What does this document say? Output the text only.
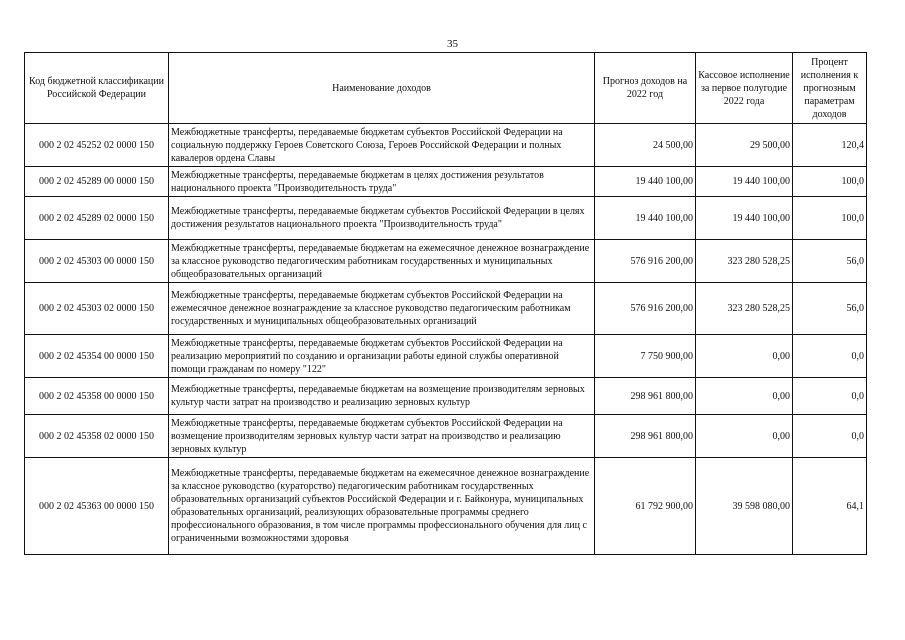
35
Код бюджетной классификации Российской Федерации	Наименование доходов	Прогноз доходов на 2022 год	Кассовое исполнение за первое полугодие 2022 года	Процент исполнения к прогнозным параметрам доходов
000 2 02 45252 02 0000 150	Межбюджетные трансферты, передаваемые бюджетам субъектов Российской Федерации на социальную поддержку Героев Советского Союза, Героев Российской Федерации и полных кавалеров ордена Славы	24 500,00	29 500,00	120,4
000 2 02 45289 00 0000 150	Межбюджетные трансферты, передаваемые бюджетам в целях достижения результатов национального проекта "Производительность труда"	19 440 100,00	19 440 100,00	100,0
000 2 02 45289 02 0000 150	Межбюджетные трансферты, передаваемые бюджетам субъектов Российской Федерации в целях достижения результатов национального проекта "Производительность труда"	19 440 100,00	19 440 100,00	100,0
000 2 02 45303 00 0000 150	Межбюджетные трансферты, передаваемые бюджетам на ежемесячное денежное вознаграждение за классное руководство педагогическим работникам государственных и муниципальных общеобразовательных организаций	576 916 200,00	323 280 528,25	56,0
000 2 02 45303 02 0000 150	Межбюджетные трансферты, передаваемые бюджетам субъектов Российской Федерации на ежемесячное денежное вознаграждение за классное руководство педагогическим работникам государственных и муниципальных общеобразовательных организаций	576 916 200,00	323 280 528,25	56,0
000 2 02 45354 00 0000 150	Межбюджетные трансферты, передаваемые бюджетам субъектов Российской Федерации на реализацию мероприятий по созданию и организации работы единой службы оперативной помощи гражданам по номеру "122"	7 750 900,00	0,00	0,0
000 2 02 45358 00 0000 150	Межбюджетные трансферты, передаваемые бюджетам на возмещение производителям зерновых культур части затрат на производство и реализацию зерновых культур	298 961 800,00	0,00	0,0
000 2 02 45358 02 0000 150	Межбюджетные трансферты, передаваемые бюджетам субъектов Российской Федерации на возмещение производителям зерновых культур части затрат на производство и реализацию зерновых культур	298 961 800,00	0,00	0,0
000 2 02 45363 00 0000 150	Межбюджетные трансферты, передаваемые бюджетам на ежемесячное денежное вознаграждение за классное руководство (кураторство) педагогическим работникам государственных образовательных организаций субъектов Российской Федерации и г. Байконура, муниципальных образовательных организаций, реализующих образовательные программы среднего профессионального образования, в том числе программы профессионального обучения для лиц с ограниченными возможностями здоровья	61 792 900,00	39 598 080,00	64,1
